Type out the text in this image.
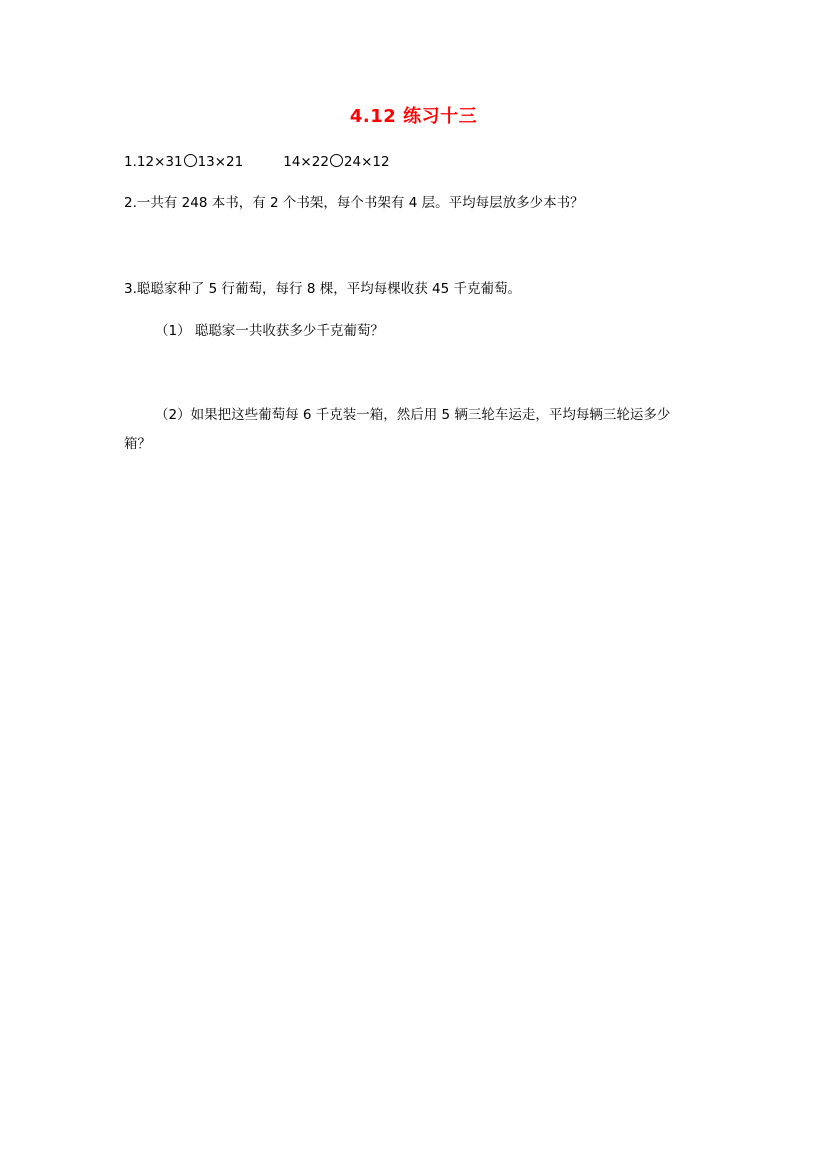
4.12 练习十三
1.12×31 13×21	14×22 24×12
2.一共有 248 本书，有 2 个书架，每个书架有 4 层。平均每层放多少本书？
3.聪聪家种了 5 行葡萄，每行 8 棵，平均每棵收获 45 千克葡萄。
（1） 聪聪家一共收获多少千克葡萄？
（2）如果把这些葡萄每 6 千克装一箱，然后用 5 辆三轮车运走，平均每辆三轮运多少
箱？
